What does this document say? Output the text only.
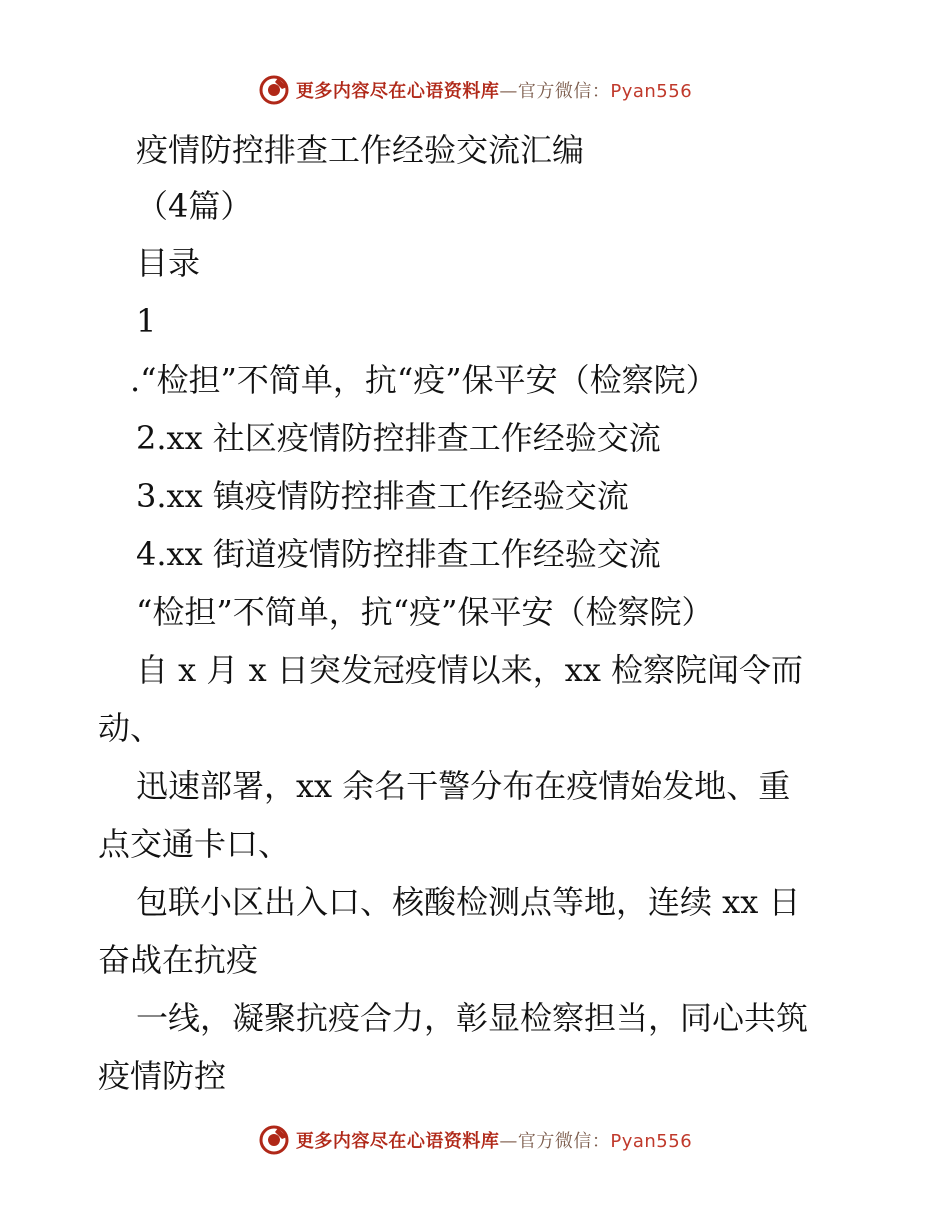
更多内容尽在心语资料库—官方微信：Pyan556
疫情防控排查工作经验交流汇编
（4篇）
目录
1
.“检担”不简单，抗“疫”保平安（检察院）
2.xx 社区疫情防控排查工作经验交流
3.xx 镇疫情防控排查工作经验交流
4.xx 街道疫情防控排查工作经验交流
“检担”不简单，抗“疫”保平安（检察院）
自 x 月 x 日突发冠疫情以来，xx 检察院闻令而
动、
迅速部署，xx 余名干警分布在疫情始发地、重
点交通卡口、
包联小区出入口、核酸检测点等地，连续 xx 日
奋战在抗疫
一线，凝聚抗疫合力，彰显检察担当，同心共筑
疫情防控
更多内容尽在心语资料库—官方微信：Pyan556
